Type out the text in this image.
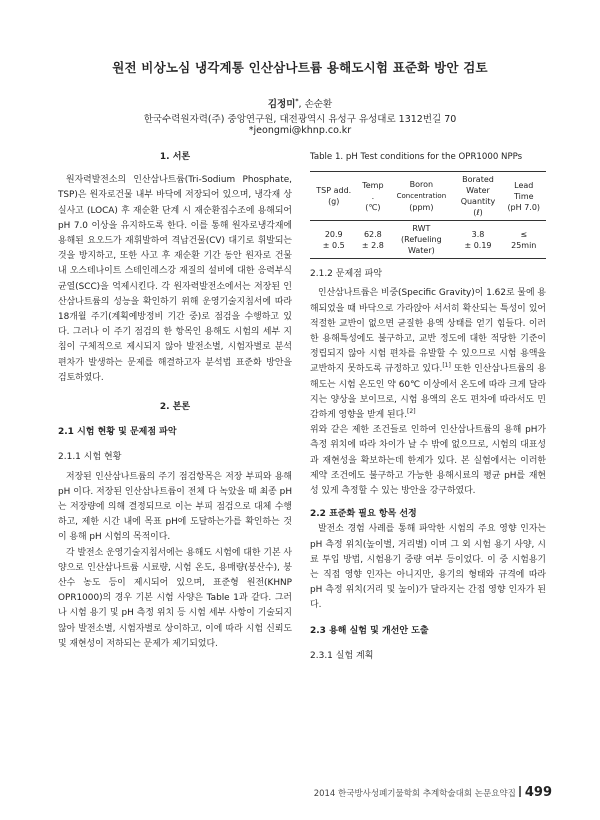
원전 비상노심 냉각계통 인산삼나트륨 용해도시험 표준화 방안 검토
김정미*, 손순환
한국수력원자력(주) 중앙연구원, 대전광역시 유성구 유성대로 1312번길 70
*jeongmi@khnp.co.kr
1. 서론

원자력발전소의 인산삼나트륨(Tri-Sodium Phosphate, TSP)은 원자로건물 내부 바닥에 저장되어 있으며, 냉각재 상실사고 (LOCA) 후 재순환 단계 시 재순환집수조에 용해되어 pH 7.0 이상을 유지하도록 한다. 이를 통해 원자로냉각재에 용해된 요오드가 재휘발하여 격납건물(CV) 대기로 휘발되는 것을 방지하고, 또한 사고 후 재순환 기간 동안 원자로 건물 내 오스테나이트 스테인레스강 재질의 설비에 대한 응력부식균열(SCC)을 억제시킨다. 각 원자력발전소에서는 저장된 인산삼나트륨의 성능을 확인하기 위해 운영기술지침서에 따라 18개월 주기(계획예방정비 기간 중)로 점검을 수행하고 있다. 그러나 이 주기 점검의 한 항목인 용해도 시험의 세부 지침이 구체적으로 제시되지 않아 발전소별, 시험자별로 분석 편차가 발생하는 문제를 해결하고자 분석법 표준화 방안을 검토하였다.

2. 본론
2.1 시험 현황 및 문제점 파악
2.1.1 시험 현황

저장된 인산삼나트륨의 주기 점검항목은 저장 부피와 용해 pH 이다. 저장된 인산삼나트륨이 전체 다 녹았을 때 최종 pH는 저장량에 의해 결정되므로 이는 부피 점검으로 대체 수행하고, 제한 시간 내에 목표 pH에 도달하는가를 확인하는 것이 용해 pH 시험의 목적이다.

각 발전소 운영기술지침서에는 용해도 시험에 대한 기본 사양으로 인산삼나트륨 시료량, 시험 온도, 용매량(붕산수), 붕산수 농도 등이 제시되어 있으며, 표준형 원전(KHNP OPR1000)의 경우 기본 시험 사양은 Table 1과 같다. 그러나 시험 용기 및 pH 측정 위치 등 시험 세부 사항이 기술되지 않아 발전소별, 시험자별로 상이하고, 이에 따라 시험 신뢰도 및 재현성이 저하되는 문제가 제기되었다.

Table 1. pH Test conditions for the OPR1000 NPPs
TSP add.
(g)	Temp
.
(℃)	Boron
Concentration
(ppm)	Borated
Water
Quantity
(ℓ)	Lead
Time
(pH 7.0)
20.9
± 0.5	62.8
± 2.8	RWT
(Refueling
Water)	3.8
± 0.19	≤
25min
2.1.2 문제점 파악

인산삼나트륨은 비중(Specific Gravity)이 1.62로 물에 용해되었을 때 바닥으로 가라앉아 서서히 확산되는 특성이 있어 적절한 교반이 없으면 균질한 용액 상태를 얻기 힘들다. 이러한 용해특성에도 불구하고, 교반 정도에 대한 적당한 기준이 정립되지 않아 시험 편차를 유발할 수 있으므로 시험 용액을 교반하지 못하도록 규정하고 있다.[1] 또한 인산삼나트륨의 용해도는 시험 온도인 약 60℃ 이상에서 온도에 따라 크게 달라지는 양상을 보이므로, 시험 용액의 온도 편차에 따라서도 민감하게 영향을 받게 된다.[2]

위와 같은 제한 조건들로 인하여 인산삼나트륨의 용해 pH가 측정 위치에 따라 차이가 날 수 밖에 없으므로, 시험의 대표성과 재현성을 확보하는데 한계가 있다. 본 실험에서는 이러한 제약 조건에도 불구하고 가능한 용해시료의 평균 pH를 재현성 있게 측정할 수 있는 방안을 강구하였다.

2.2 표준화 필요 항목 선정

발전소 경험 사례를 통해 파악한 시험의 주요 영향 인자는 pH 측정 위치(높이별, 거리별) 이며 그 외 시험 용기 사양, 시료 투입 방법, 시험용기 중량 여부 등이었다. 이 중 시험용기는 직접 영향 인자는 아니지만, 용기의 형태와 규격에 따라 pH 측정 위치(거리 및 높이)가 달라지는 간접 영향 인자가 된다.

2.3 용해 실험 및 개선안 도출
2.3.1 실험 계획
2014 한국방사성폐기물학회 추계학술대회 논문요약집 499
